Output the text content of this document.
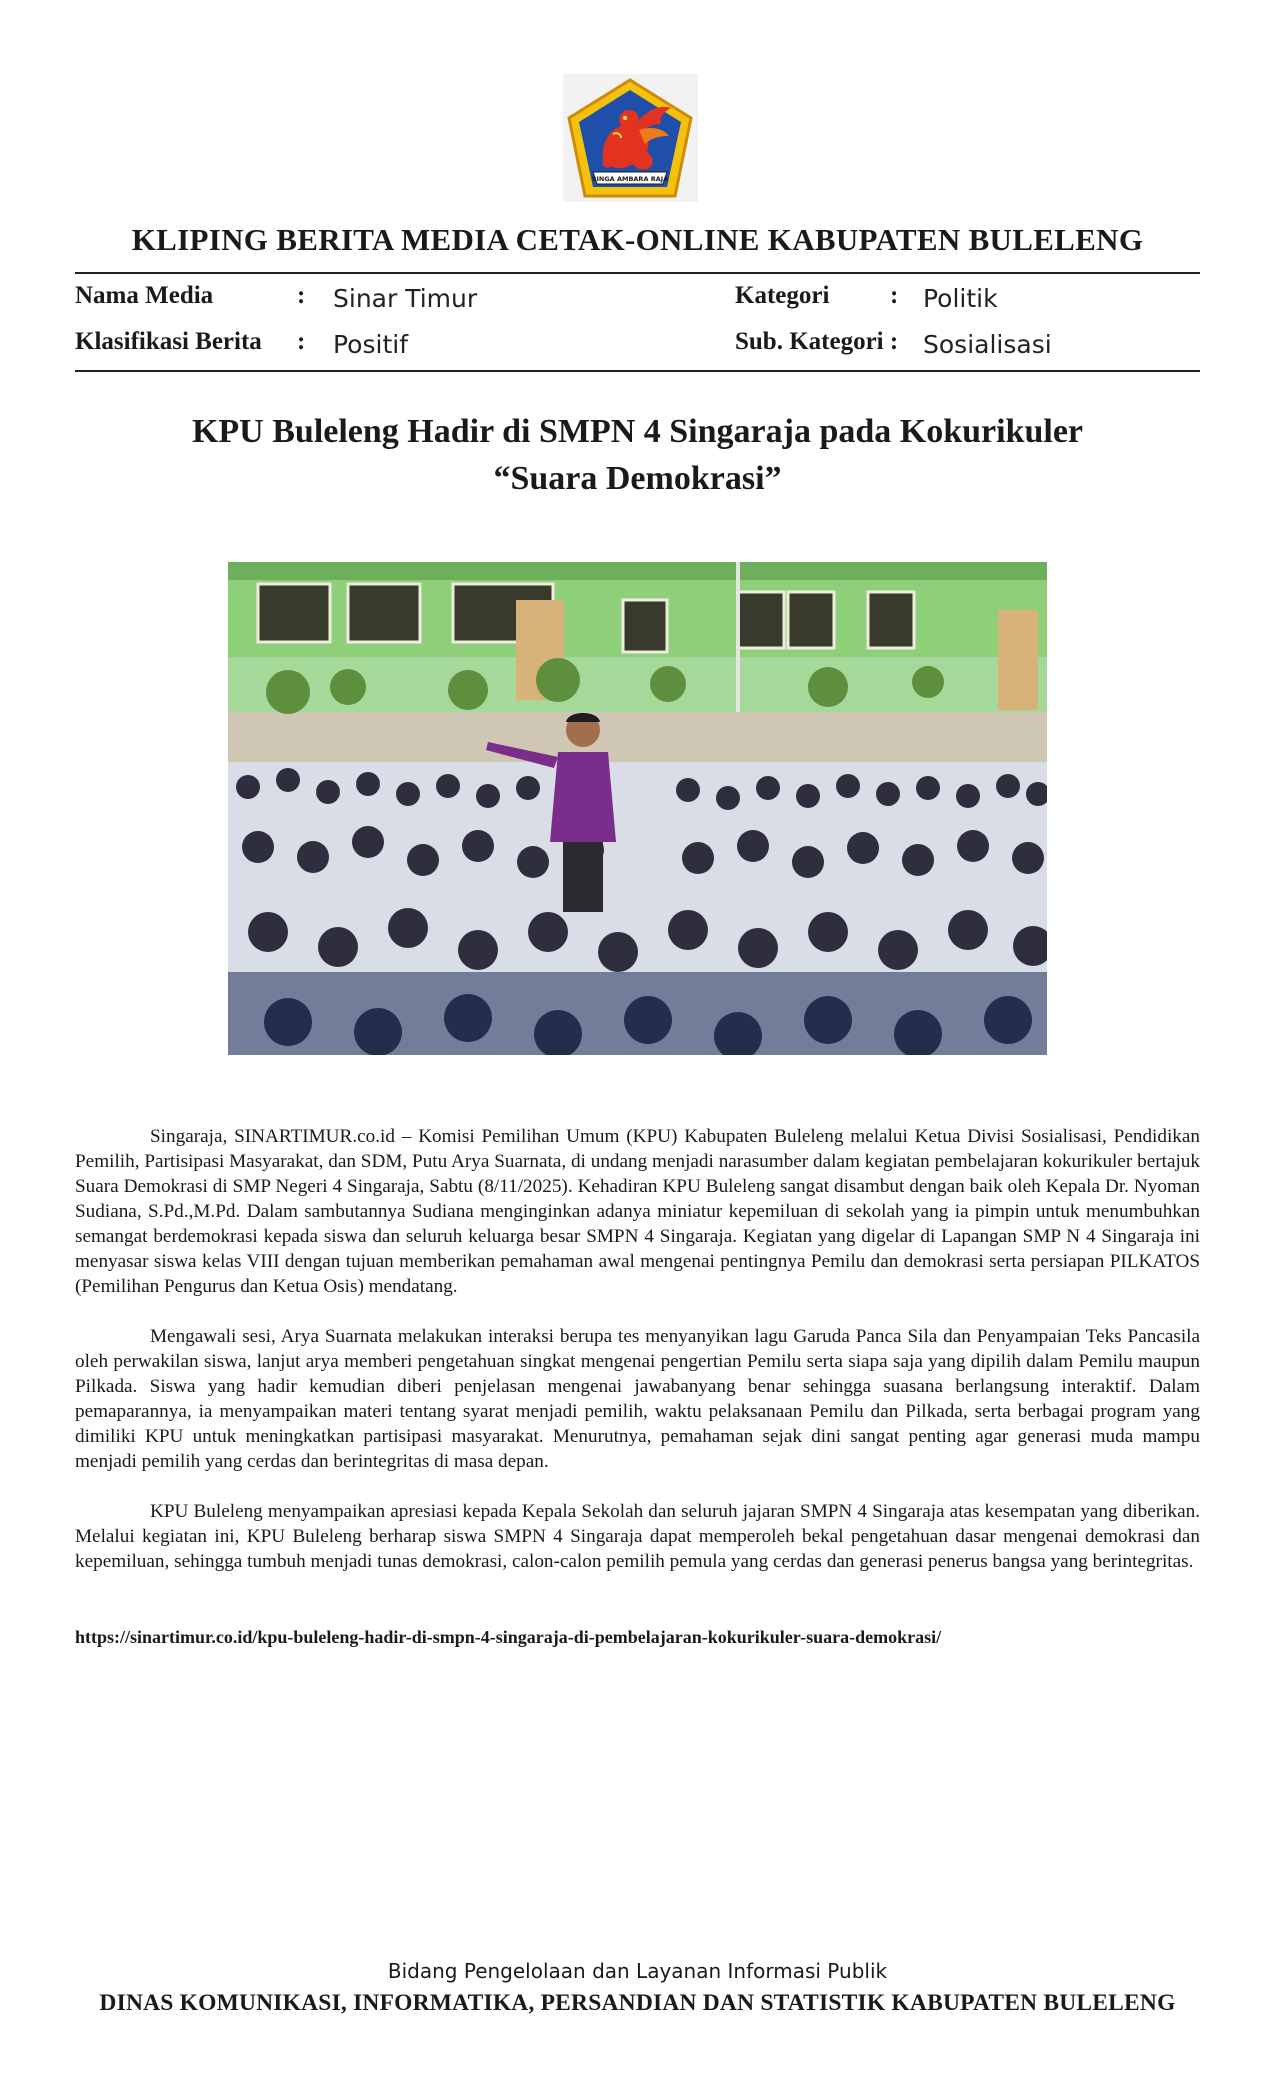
SINGA AMBARA RAJA
KLIPING BERITA MEDIA CETAK-ONLINE KABUPATEN BULELENG
Nama Media	: Sinar Timur	Kategori : Politik
Klasifikasi Berita : Positif	Sub. Kategori : Sosialisasi
KPU Buleleng Hadir di SMPN 4 Singaraja pada Kokurikuler
“Suara Demokrasi”

Singaraja, SINARTIMUR.co.id – Komisi Pemilihan Umum (KPU) Kabupaten Buleleng melalui Ketua Divisi Sosialisasi, Pendidikan Pemilih, Partisipasi Masyarakat, dan SDM, Putu Arya Suarnata, di undang menjadi narasumber dalam kegiatan pembelajaran kokurikuler bertajuk Suara Demokrasi di SMP Negeri 4 Singaraja, Sabtu (8/11/2025). Kehadiran KPU Buleleng sangat disambut dengan baik oleh Kepala Dr. Nyoman Sudiana, S.Pd.,M.Pd. Dalam sambutannya Sudiana menginginkan adanya miniatur kepemiluan di sekolah yang ia pimpin untuk menumbuhkan semangat berdemokrasi kepada siswa dan seluruh keluarga besar SMPN 4 Singaraja. Kegiatan yang digelar di Lapangan SMP N 4 Singaraja ini menyasar siswa kelas VIII dengan tujuan memberikan pemahaman awal mengenai pentingnya Pemilu dan demokrasi serta persiapan PILKATOS (Pemilihan Pengurus dan Ketua Osis) mendatang.

Mengawali sesi, Arya Suarnata melakukan interaksi berupa tes menyanyikan lagu Garuda Panca Sila dan Penyampaian Teks Pancasila oleh perwakilan siswa, lanjut arya memberi pengetahuan singkat mengenai pengertian Pemilu serta siapa saja yang dipilih dalam Pemilu maupun Pilkada. Siswa yang hadir kemudian diberi penjelasan mengenai jawabanyang benar sehingga suasana berlangsung interaktif. Dalam pemaparannya, ia menyampaikan materi tentang syarat menjadi pemilih, waktu pelaksanaan Pemilu dan Pilkada, serta berbagai program yang dimiliki KPU untuk meningkatkan partisipasi masyarakat. Menurutnya, pemahaman sejak dini sangat penting agar generasi muda mampu menjadi pemilih yang cerdas dan berintegritas di masa depan.

KPU Buleleng menyampaikan apresiasi kepada Kepala Sekolah dan seluruh jajaran SMPN 4 Singaraja atas kesempatan yang diberikan. Melalui kegiatan ini, KPU Buleleng berharap siswa SMPN 4 Singaraja dapat memperoleh bekal pengetahuan dasar mengenai demokrasi dan kepemiluan, sehingga tumbuh menjadi tunas demokrasi, calon-calon pemilih pemula yang cerdas dan generasi penerus bangsa yang berintegritas.

https://sinartimur.co.id/kpu-buleleng-hadir-di-smpn-4-singaraja-di-pembelajaran-kokurikuler-suara-demokrasi/
Bidang Pengelolaan dan Layanan Informasi Publik
DINAS KOMUNIKASI, INFORMATIKA, PERSANDIAN DAN STATISTIK KABUPATEN BULELENG
